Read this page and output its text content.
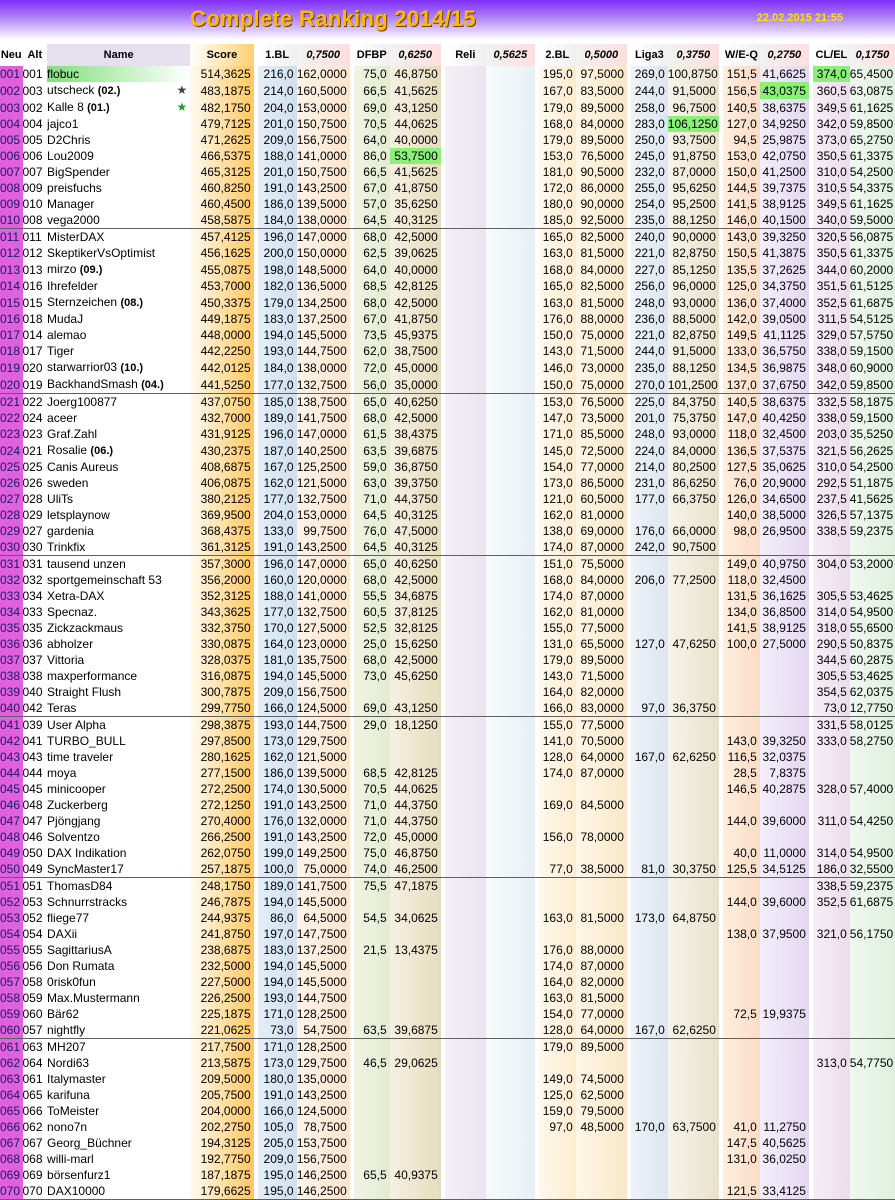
Complete Ranking 2014/15	22.02.2015 21:55
Neu	Alt	Name	Score		1.BL	0,7500		DFBP	0,6250		Reli	0,5625		2.BL	0,5000		Liga3	0,3750		W/E-Q	0,2750		CL/EL	0,1750
001	001	flobuc	514,3625		216,0	162,0000		75,0	46,8750					195,0	97,5000		269,0	100,8750		151,5	41,6625		374,0	65,4500
002	003	utscheck (02.) ★	483,1875		214,0	160,5000		66,5	41,5625					167,0	83,5000		244,0	91,5000		156,5	43,0375		360,5	63,0875
003	002	Kalle 8 (01.) ★	482,1750		204,0	153,0000		69,0	43,1250					179,0	89,5000		258,0	96,7500		140,5	38,6375		349,5	61,1625
004	004	jajco1	479,7125		201,0	150,7500		70,5	44,0625					168,0	84,0000		283,0	106,1250		127,0	34,9250		342,0	59,8500
005	005	D2Chris	471,2625		209,0	156,7500		64,0	40,0000					179,0	89,5000		250,0	93,7500		94,5	25,9875		373,0	65,2750
006	006	Lou2009	466,5375		188,0	141,0000		86,0	53,7500					153,0	76,5000		245,0	91,8750		153,0	42,0750		350,5	61,3375
007	007	BigSpender	465,3125		201,0	150,7500		66,5	41,5625					181,0	90,5000		232,0	87,0000		150,0	41,2500		310,0	54,2500
008	009	preisfuchs	460,8250		191,0	143,2500		67,0	41,8750					172,0	86,0000		255,0	95,6250		144,5	39,7375		310,5	54,3375
009	010	Manager	460,4500		186,0	139,5000		57,0	35,6250					180,0	90,0000		254,0	95,2500		141,5	38,9125		349,5	61,1625
010	008	vega2000	458,5875		184,0	138,0000		64,5	40,3125					185,0	92,5000		235,0	88,1250		146,0	40,1500		340,0	59,5000
011	011	MisterDAX	457,4125		196,0	147,0000		68,0	42,5000					165,0	82,5000		240,0	90,0000		143,0	39,3250		320,5	56,0875
012	012	SkeptikerVsOptimist	456,1625		200,0	150,0000		62,5	39,0625					163,0	81,5000		221,0	82,8750		150,5	41,3875		350,5	61,3375
013	013	mirzo (09.)	455,0875		198,0	148,5000		64,0	40,0000					168,0	84,0000		227,0	85,1250		135,5	37,2625		344,0	60,2000
014	016	Ihrefelder	453,7000		182,0	136,5000		68,5	42,8125					165,0	82,5000		256,0	96,0000		125,0	34,3750		351,5	61,5125
015	015	Sternzeichen (08.)	450,3375		179,0	134,2500		68,0	42,5000					163,0	81,5000		248,0	93,0000		136,0	37,4000		352,5	61,6875
016	018	MudaJ	449,1875		183,0	137,2500		67,0	41,8750					176,0	88,0000		236,0	88,5000		142,0	39,0500		311,5	54,5125
017	014	alemao	448,0000		194,0	145,5000		73,5	45,9375					150,0	75,0000		221,0	82,8750		149,5	41,1125		329,0	57,5750
018	017	Tiger	442,2250		193,0	144,7500		62,0	38,7500					143,0	71,5000		244,0	91,5000		133,0	36,5750		338,0	59,1500
019	020	starwarrior03 (10.)	442,0125		184,0	138,0000		72,0	45,0000					146,0	73,0000		235,0	88,1250		134,5	36,9875		348,0	60,9000
020	019	BackhandSmash (04.)	441,5250		177,0	132,7500		56,0	35,0000					150,0	75,0000		270,0	101,2500		137,0	37,6750		342,0	59,8500
021	022	Joerg100877	437,0750		185,0	138,7500		65,0	40,6250					153,0	76,5000		225,0	84,3750		140,5	38,6375		332,5	58,1875
022	024	aceer	432,7000		189,0	141,7500		68,0	42,5000					147,0	73,5000		201,0	75,3750		147,0	40,4250		338,0	59,1500
023	023	Graf.Zahl	431,9125		196,0	147,0000		61,5	38,4375					171,0	85,5000		248,0	93,0000		118,0	32,4500		203,0	35,5250
024	021	Rosalie (06.)	430,2375		187,0	140,2500		63,5	39,6875					145,0	72,5000		224,0	84,0000		136,5	37,5375		321,5	56,2625
025	025	Canis Aureus	408,6875		167,0	125,2500		59,0	36,8750					154,0	77,0000		214,0	80,2500		127,5	35,0625		310,0	54,2500
026	026	sweden	406,0875		162,0	121,5000		63,0	39,3750					173,0	86,5000		231,0	86,6250		76,0	20,9000		292,5	51,1875
027	028	UliTs	380,2125		177,0	132,7500		71,0	44,3750					121,0	60,5000		177,0	66,3750		126,0	34,6500		237,5	41,5625
028	029	letsplaynow	369,9500		204,0	153,0000		64,5	40,3125					162,0	81,0000					140,0	38,5000		326,5	57,1375
029	027	gardenia	368,4375		133,0	99,7500		76,0	47,5000					138,0	69,0000		176,0	66,0000		98,0	26,9500		338,5	59,2375
030	030	Trinkfix	361,3125		191,0	143,2500		64,5	40,3125					174,0	87,0000		242,0	90,7500						
031	031	tausend unzen	357,3000		196,0	147,0000		65,0	40,6250					151,0	75,5000					149,0	40,9750		304,0	53,2000
032	032	sportgemeinschaft 53	356,2000		160,0	120,0000		68,0	42,5000					168,0	84,0000		206,0	77,2500		118,0	32,4500			
033	034	Xetra-DAX	352,3125		188,0	141,0000		55,5	34,6875					174,0	87,0000					131,5	36,1625		305,5	53,4625
034	033	Specnaz.	343,3625		177,0	132,7500		60,5	37,8125					162,0	81,0000					134,0	36,8500		314,0	54,9500
035	035	Zickzackmaus	332,3750		170,0	127,5000		52,5	32,8125					155,0	77,5000					141,5	38,9125		318,0	55,6500
036	036	abholzer	330,0875		164,0	123,0000		25,0	15,6250					131,0	65,5000		127,0	47,6250		100,0	27,5000		290,5	50,8375
037	037	Vittoria	328,0375		181,0	135,7500		68,0	42,5000					179,0	89,5000								344,5	60,2875
038	038	maxperformance	316,0875		194,0	145,5000		73,0	45,6250					143,0	71,5000								305,5	53,4625
039	040	Straight Flush	300,7875		209,0	156,7500								164,0	82,0000								354,5	62,0375
040	042	Teras	299,7750		166,0	124,5000		69,0	43,1250					166,0	83,0000		97,0	36,3750					73,0	12,7750
041	039	User Alpha	298,3875		193,0	144,7500		29,0	18,1250					155,0	77,5000								331,5	58,0125
042	041	TURBO_BULL	297,8500		173,0	129,7500								141,0	70,5000					143,0	39,3250		333,0	58,2750
043	043	time traveler	280,1625		162,0	121,5000								128,0	64,0000		167,0	62,6250		116,5	32,0375			
044	044	moya	277,1500		186,0	139,5000		68,5	42,8125					174,0	87,0000					28,5	7,8375			
045	045	minicooper	272,2500		174,0	130,5000		70,5	44,0625											146,5	40,2875		328,0	57,4000
046	048	Zuckerberg	272,1250		191,0	143,2500		71,0	44,3750					169,0	84,5000									
047	047	Pjöngjang	270,4000		176,0	132,0000		71,0	44,3750											144,0	39,6000		311,0	54,4250
048	046	Solventzo	266,2500		191,0	143,2500		72,0	45,0000					156,0	78,0000									
049	050	DAX Indikation	262,0750		199,0	149,2500		75,0	46,8750											40,0	11,0000		314,0	54,9500
050	049	SyncMaster17	257,1875		100,0	75,0000		74,0	46,2500					77,0	38,5000		81,0	30,3750		125,5	34,5125		186,0	32,5500
051	051	ThomasD84	248,1750		189,0	141,7500		75,5	47,1875														338,5	59,2375
052	053	Schnurrstracks	246,7875		194,0	145,5000														144,0	39,6000		352,5	61,6875
053	052	fliege77	244,9375		86,0	64,5000		54,5	34,0625					163,0	81,5000		173,0	64,8750						
054	054	DAXii	241,8750		197,0	147,7500														138,0	37,9500		321,0	56,1750
055	055	SagittariusA	238,6875		183,0	137,2500		21,5	13,4375					176,0	88,0000									
056	056	Don Rumata	232,5000		194,0	145,5000								174,0	87,0000									
057	058	0risk0fun	227,5000		194,0	145,5000								164,0	82,0000									
058	059	Max.Mustermann	226,2500		193,0	144,7500								163,0	81,5000									
059	060	Bär62	225,1875		171,0	128,2500								154,0	77,0000					72,5	19,9375			
060	057	nightfly	221,0625		73,0	54,7500		63,5	39,6875					128,0	64,0000		167,0	62,6250						
061	063	MH207	217,7500		171,0	128,2500								179,0	89,5000									
062	064	Nordi63	213,5875		173,0	129,7500		46,5	29,0625														313,0	54,7750
063	061	Italymaster	209,5000		180,0	135,0000								149,0	74,5000									
064	065	karifuna	205,7500		191,0	143,2500								125,0	62,5000									
065	066	ToMeister	204,0000		166,0	124,5000								159,0	79,5000									
066	062	nono7n	202,2750		105,0	78,7500								97,0	48,5000		170,0	63,7500		41,0	11,2750			
067	067	Georg_Büchner	194,3125		205,0	153,7500														147,5	40,5625			
068	068	willi-marl	192,7750		209,0	156,7500														131,0	36,0250			
069	069	börsenfurz1	187,1875		195,0	146,2500		65,5	40,9375															
070	070	DAX10000	179,6625		195,0	146,2500														121,5	33,4125			
